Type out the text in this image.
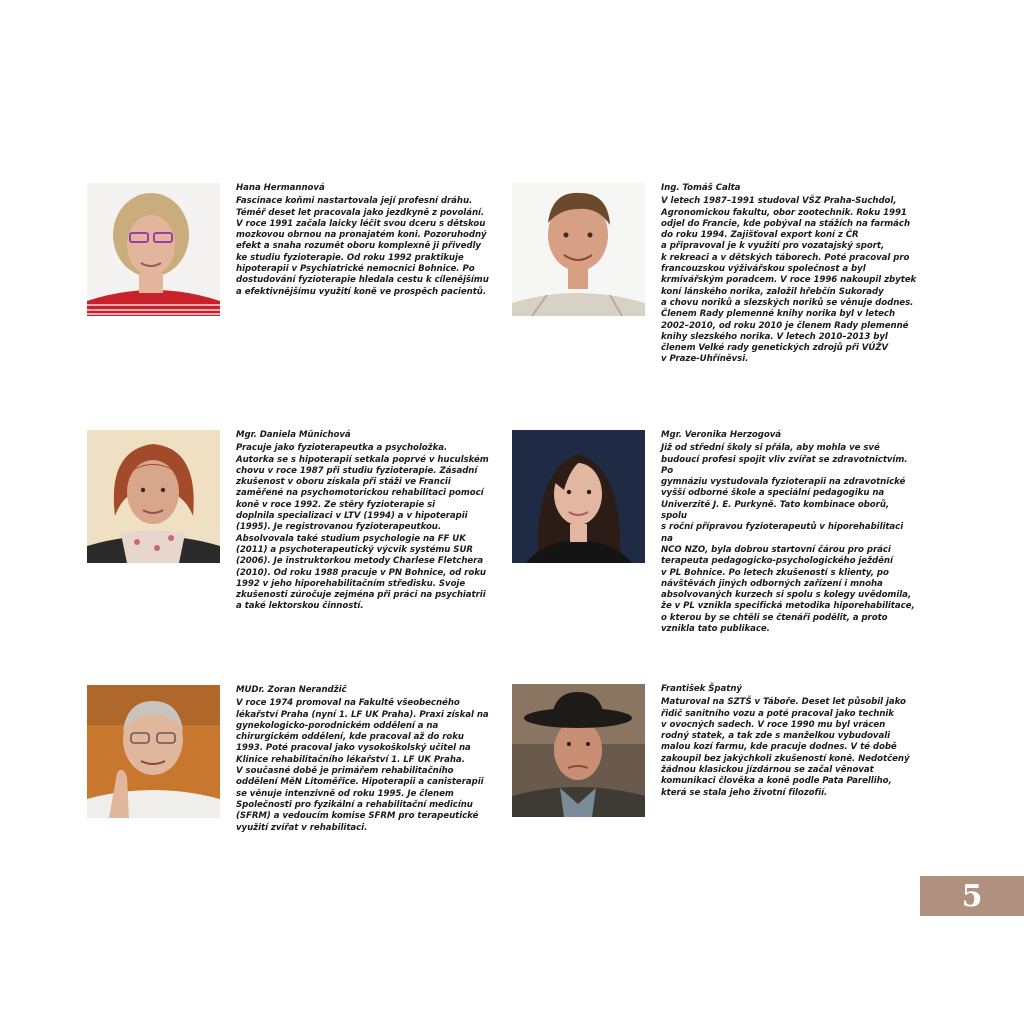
Hana Hermannová

Fascinace koňmi nastartovala její profesní dráhu.
Téměř deset let pracovala jako jezdkyně z povolání.
V roce 1991 začala laicky léčit svou dceru s dětskou
mozkovou obrnou na pronajatém koni. Pozoruhodný
efekt a snaha rozumět oboru komplexně ji přivedly
ke studiu fyzioterapie. Od roku 1992 praktikuje
hipoterapii v Psychiatrické nemocnici Bohnice. Po
dostudování fyzioterapie hledala cestu k cílenějšímu
a efektivnějšímu využití koně ve prospěch pacientů.

Ing. Tomáš Calta

V letech 1987–1991 studoval VŠZ Praha-Suchdol,
Agronomickou fakultu, obor zootechnik. Roku 1991
odjel do Francie, kde pobýval na stážích na farmách
do roku 1994. Zajišťoval export koní z ČR
a připravoval je k využití pro vozatajský sport,
k rekreaci a v dětských táborech. Poté pracoval pro
francouzskou výživářskou společnost a byl
krmivářským poradcem. V roce 1996 nakoupil zbytek
koní lánského norika, založil hřebčín Sukorady
a chovu noriků a slezských noriků se věnuje dodnes.
Členem Rady plemenné knihy norika byl v letech
2002–2010, od roku 2010 je členem Rady plemenné
knihy slezského norika. V letech 2010–2013 byl
členem Velké rady genetických zdrojů při VÚŽV
v Praze-Uhříněvsi.

Mgr. Daniela Münichová

Pracuje jako fyzioterapeutka a psycholožka.
Autorka se s hipoterapií setkala poprvé v huculském
chovu v roce 1987 při studiu fyzioterapie. Zásadní
zkušenost v oboru získala při stáži ve Francii
zaměřené na psychomotorickou rehabilitaci pomocí
koně v roce 1992. Ze stěry fyzioterapie si
doplnila specializaci v LTV (1994) a v hipoterapii
(1995). Je registrovanou fyzioterapeutkou.
Absolvovala také studium psychologie na FF UK
(2011) a psychoterapeutický výcvik systému SUR
(2006). Je instruktorkou metody Charlese Fletchera
(2010). Od roku 1988 pracuje v PN Bohnice, od roku
1992 v jeho hiporehabilitačním středisku. Svoje
zkušenosti zúročuje zejména při práci na psychiatrii
a také lektorskou činností.

Mgr. Veronika Herzogová

Již od střední školy si přála, aby mohla ve své
budoucí profesi spojit vliv zvířat se zdravotnictvím. Po
gymnáziu vystudovala fyzioterapii na zdravotnické
vyšší odborné škole a speciální pedagogiku na
Univerzitě J. E. Purkyně. Tato kombinace oborů, spolu
s roční přípravou fyzioterapeutů v hiporehabilitaci na
NCO NZO, byla dobrou startovní čárou pro práci
terapeuta pedagogicko-psychologického ježdění
v PL Bohnice. Po letech zkušeností s klienty, po
návštěvách jiných odborných zařízení i mnoha
absolvovaných kurzech si spolu s kolegy uvědomila,
že v PL vznikla specifická metodika hiporehabilitace,
o kterou by se chtěli se čtenáři podělit, a proto
vznikla tato publikace.

MUDr. Zoran Nerandžič

V roce 1974 promoval na Fakultě všeobecného
lékařství Praha (nyní 1. LF UK Praha). Praxi získal na
gynekologicko-porodnickém oddělení a na
chirurgickém oddělení, kde pracoval až do roku
1993. Poté pracoval jako vysokoškolský učitel na
Klinice rehabilitačního lékařství 1. LF UK Praha.
V současné době je primářem rehabilitačního
oddělení MěN Litoměřice. Hipoterapii a canisterapii
se věnuje intenzivně od roku 1995. Je členem
Společnosti pro fyzikální a rehabilitační medicínu
(SFRM) a vedoucím komise SFRM pro terapeutické
využití zvířat v rehabilitaci.

František Špatný

Maturoval na SZTŠ v Táboře. Deset let působil jako
řidič sanitního vozu a poté pracoval jako technik
v ovocných sadech. V roce 1990 mu byl vrácen
rodný statek, a tak zde s manželkou vybudovali
malou kozí farmu, kde pracuje dodnes. V té době
zakoupil bez jakýchkoli zkušeností koně. Nedotčený
žádnou klasickou jízdárnou se začal věnovat
komunikaci člověka a koně podle Pata Parelliho,
která se stala jeho životní filozofií.

5
